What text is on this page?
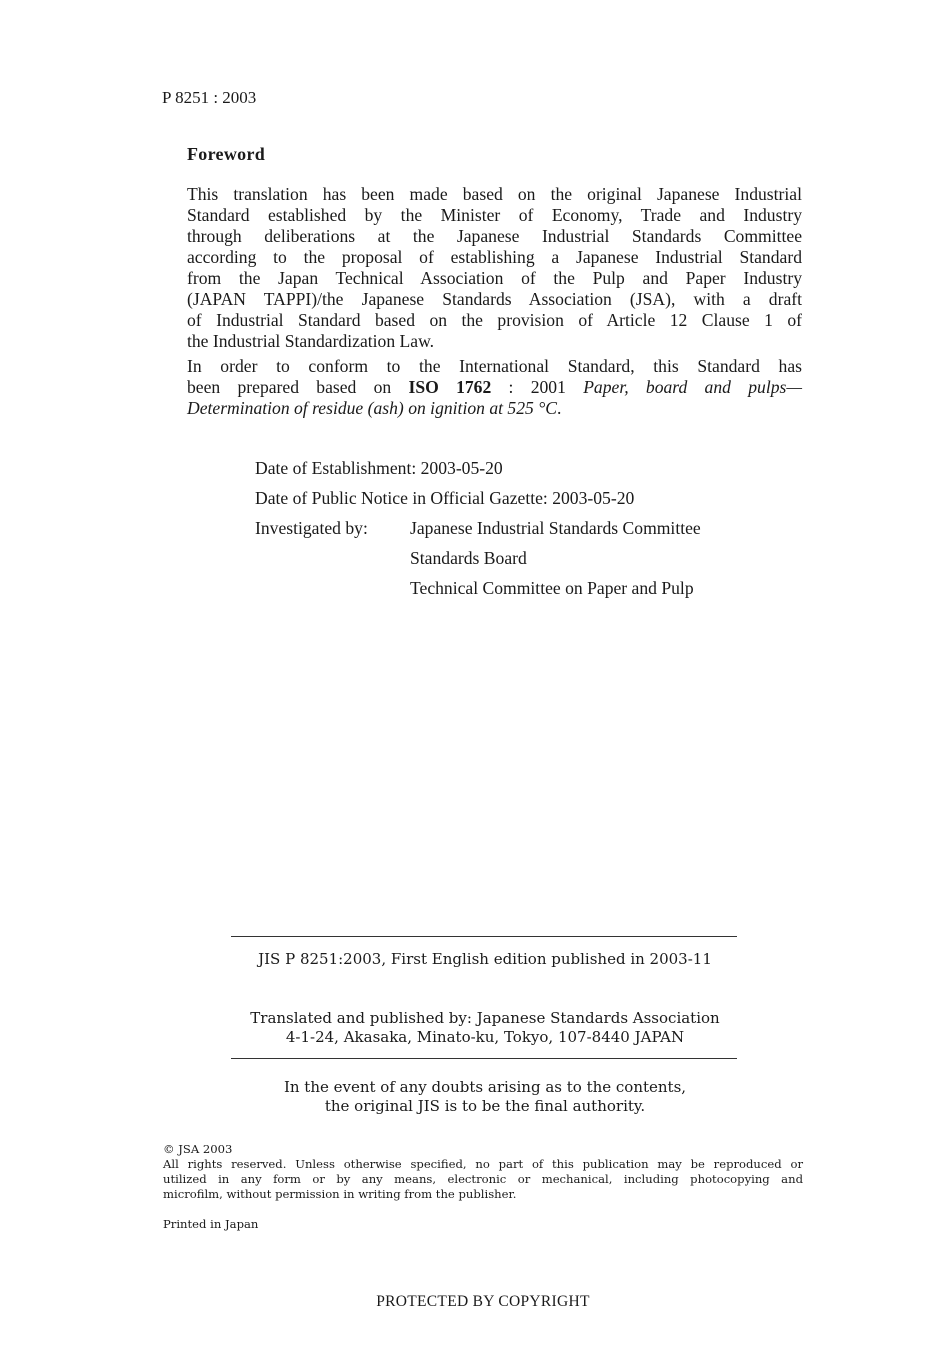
P 8251 : 2003
Foreword
This translation has been made based on the original Japanese Industrial
Standard established by the Minister of Economy, Trade and Industry
through deliberations at the Japanese Industrial Standards Committee
according to the proposal of establishing a Japanese Industrial Standard
from the Japan Technical Association of the Pulp and Paper Industry
(JAPAN TAPPI)/the Japanese Standards Association (JSA), with a draft
of Industrial Standard based on the provision of Article 12 Clause 1 of
the Industrial Standardization Law.
In order to conform to the International Standard, this Standard has
been prepared based on ISO 1762 : 2001 Paper, board and pulps—
Determination of residue (ash) on ignition at 525 °C.
Date of Establishment: 2003-05-20
Date of Public Notice in Official Gazette: 2003-05-20
Investigated by: Japanese Industrial Standards Committee
Standards Board
Technical Committee on Paper and Pulp
JIS P 8251:2003, First English edition published in 2003-11
Translated and published by: Japanese Standards Association
4-1-24, Akasaka, Minato-ku, Tokyo, 107-8440 JAPAN
In the event of any doubts arising as to the contents,
the original JIS is to be the final authority.
© JSA 2003
All rights reserved. Unless otherwise specified, no part of this publication may be reproduced or
utilized in any form or by any means, electronic or mechanical, including photocopying and
microfilm, without permission in writing from the publisher.
Printed in Japan
PROTECTED BY COPYRIGHT
